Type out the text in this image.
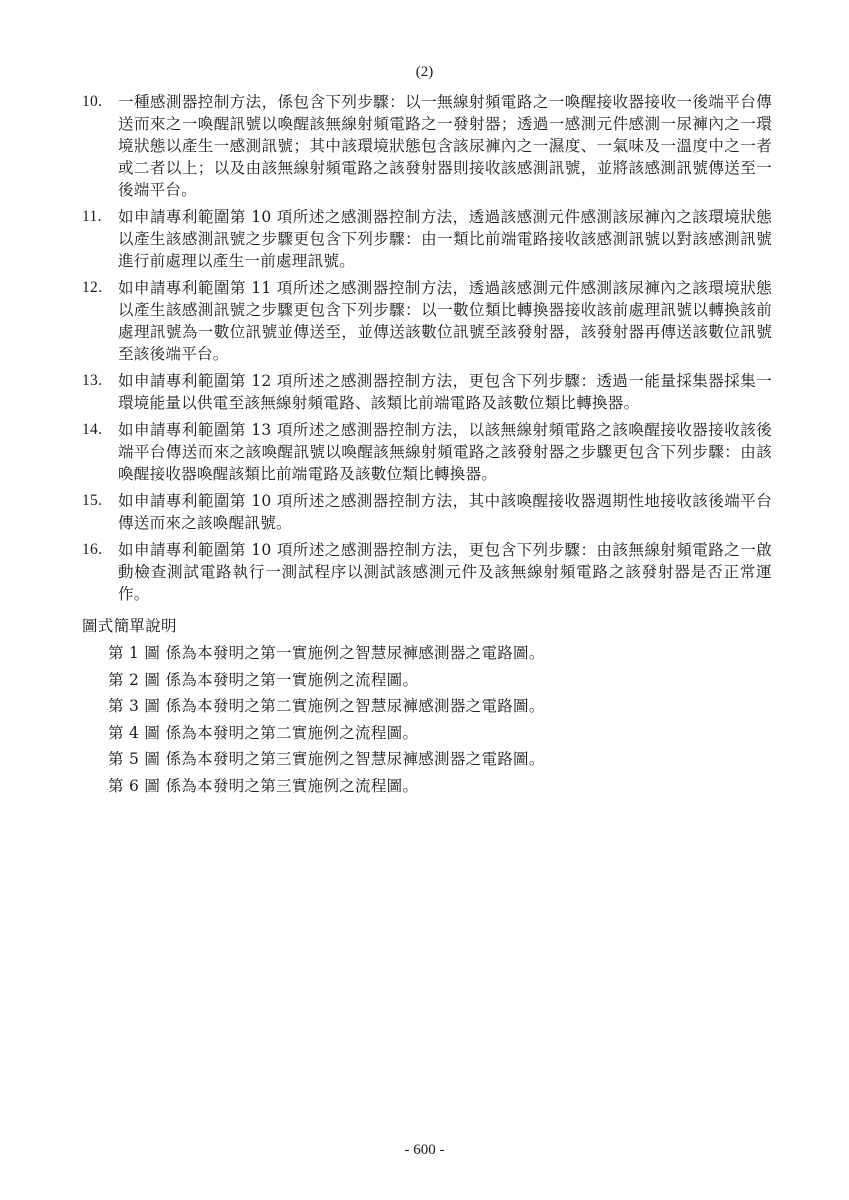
(2)
10. 一種感測器控制方法，係包含下列步驟：以一無線射頻電路之一喚醒接收器接收一後端平台傳送而來之一喚醒訊號以喚醒該無線射頻電路之一發射器；透過一感測元件感測一尿褲內之一環境狀態以產生一感測訊號；其中該環境狀態包含該尿褲內之一濕度、一氣味及一溫度中之一者或二者以上；以及由該無線射頻電路之該發射器則接收該感測訊號，並將該感測訊號傳送至一後端平台。
11. 如申請專利範圍第 10 項所述之感測器控制方法，透過該感測元件感測該尿褲內之該環境狀態以產生該感測訊號之步驟更包含下列步驟：由一類比前端電路接收該感測訊號以對該感測訊號進行前處理以產生一前處理訊號。
12. 如申請專利範圍第 11 項所述之感測器控制方法，透過該感測元件感測該尿褲內之該環境狀態以產生該感測訊號之步驟更包含下列步驟：以一數位類比轉換器接收該前處理訊號以轉換該前處理訊號為一數位訊號並傳送至，並傳送該數位訊號至該發射器，該發射器再傳送該數位訊號至該後端平台。
13. 如申請專利範圍第 12 項所述之感測器控制方法，更包含下列步驟：透過一能量採集器採集一環境能量以供電至該無線射頻電路、該類比前端電路及該數位類比轉換器。
14. 如申請專利範圍第 13 項所述之感測器控制方法，以該無線射頻電路之該喚醒接收器接收該後端平台傳送而來之該喚醒訊號以喚醒該無線射頻電路之該發射器之步驟更包含下列步驟：由該喚醒接收器喚醒該類比前端電路及該數位類比轉換器。
15. 如申請專利範圍第 10 項所述之感測器控制方法，其中該喚醒接收器週期性地接收該後端平台傳送而來之該喚醒訊號。
16. 如申請專利範圍第 10 項所述之感測器控制方法，更包含下列步驟：由該無線射頻電路之一啟動檢查測試電路執行一測試程序以測試該感測元件及該無線射頻電路之該發射器是否正常運作。
圖式簡單說明
第 1 圖 係為本發明之第一實施例之智慧尿褲感測器之電路圖。
第 2 圖 係為本發明之第一實施例之流程圖。
第 3 圖 係為本發明之第二實施例之智慧尿褲感測器之電路圖。
第 4 圖 係為本發明之第二實施例之流程圖。
第 5 圖 係為本發明之第三實施例之智慧尿褲感測器之電路圖。
第 6 圖 係為本發明之第三實施例之流程圖。
- 600 -
